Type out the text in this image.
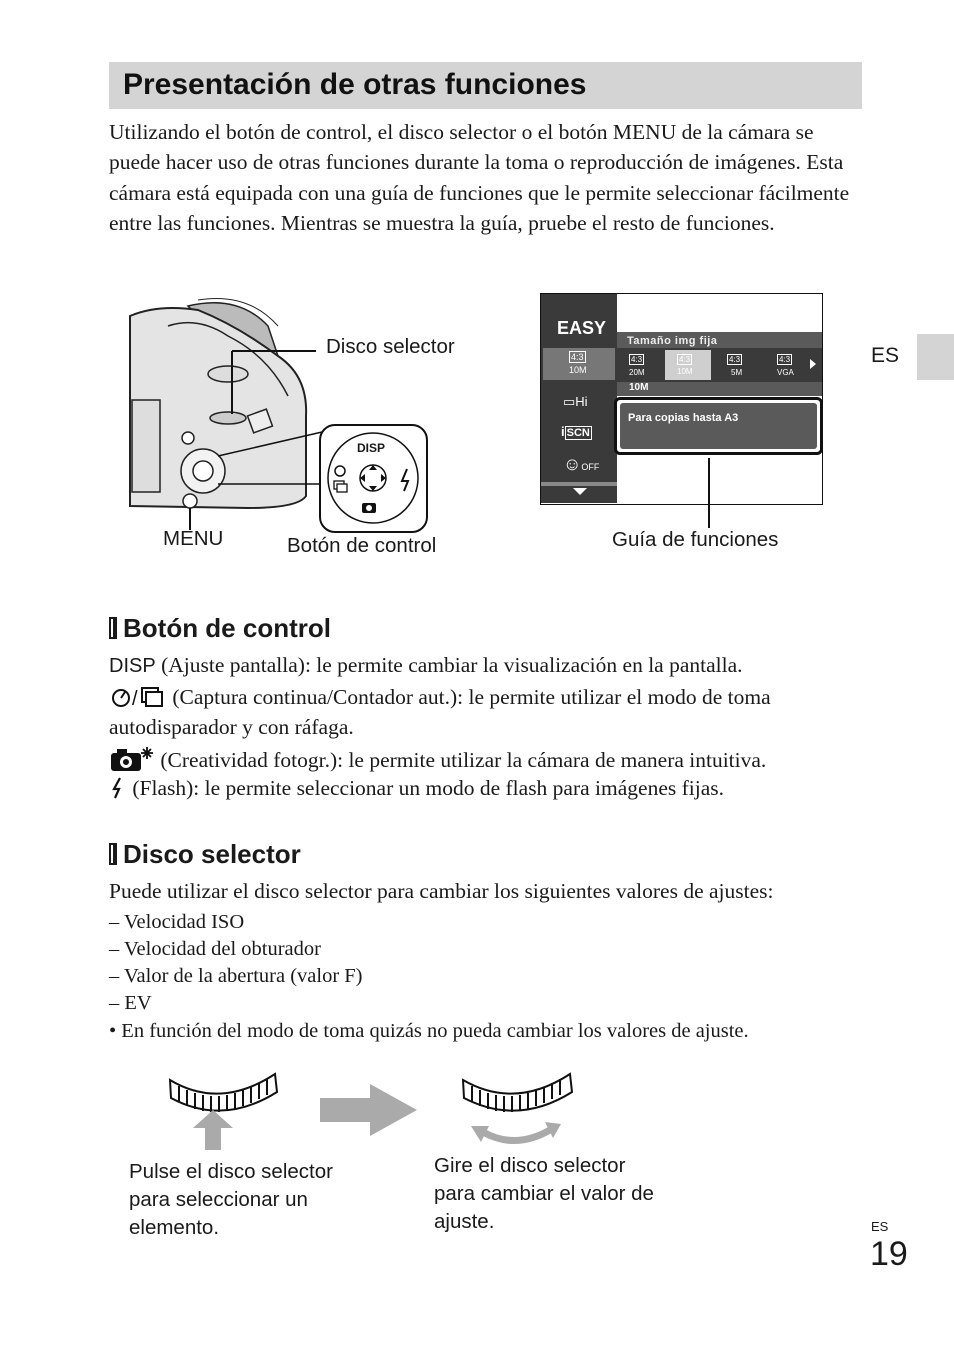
Presentación de otras funciones

Utilizando el botón de control, el disco selector o el botón MENU de la cámara se puede hacer uso de otras funciones durante la toma o reproducción de imágenes. Esta cámara está equipada con una guía de funciones que le permite seleccionar fácilmente entre las funciones. Mientras se muestra la guía, pruebe el resto de funciones.

ES
DISP
Disco selector
MENU	Botón de control
EASY
4:3
10M
▭Hi
i SCN
☺OFF
Tamaño img fija
4:3
20M
4:3
10M
4:3
5M
4:3
VGA
10M
Para copias hasta A3
Guía de funciones
Botón de control
DISP (Ajuste pantalla): le permite cambiar la visualización en la pantalla.
/ (Captura continua/Contador aut.): le permite utilizar el modo de toma
autodisparador y con ráfaga.
(Creatividad fotogr.): le permite utilizar la cámara de manera intuitiva.
(Flash): le permite seleccionar un modo de flash para imágenes fijas.
Disco selector
Puede utilizar el disco selector para cambiar los siguientes valores de ajustes:
– Velocidad ISO
– Velocidad del obturador
– Valor de la abertura (valor F)
– EV
• En función del modo de toma quizás no pueda cambiar los valores de ajuste.
Pulse el disco selector
para seleccionar un
elemento.
Gire el disco selector
para cambiar el valor de
ajuste.	ES
19
